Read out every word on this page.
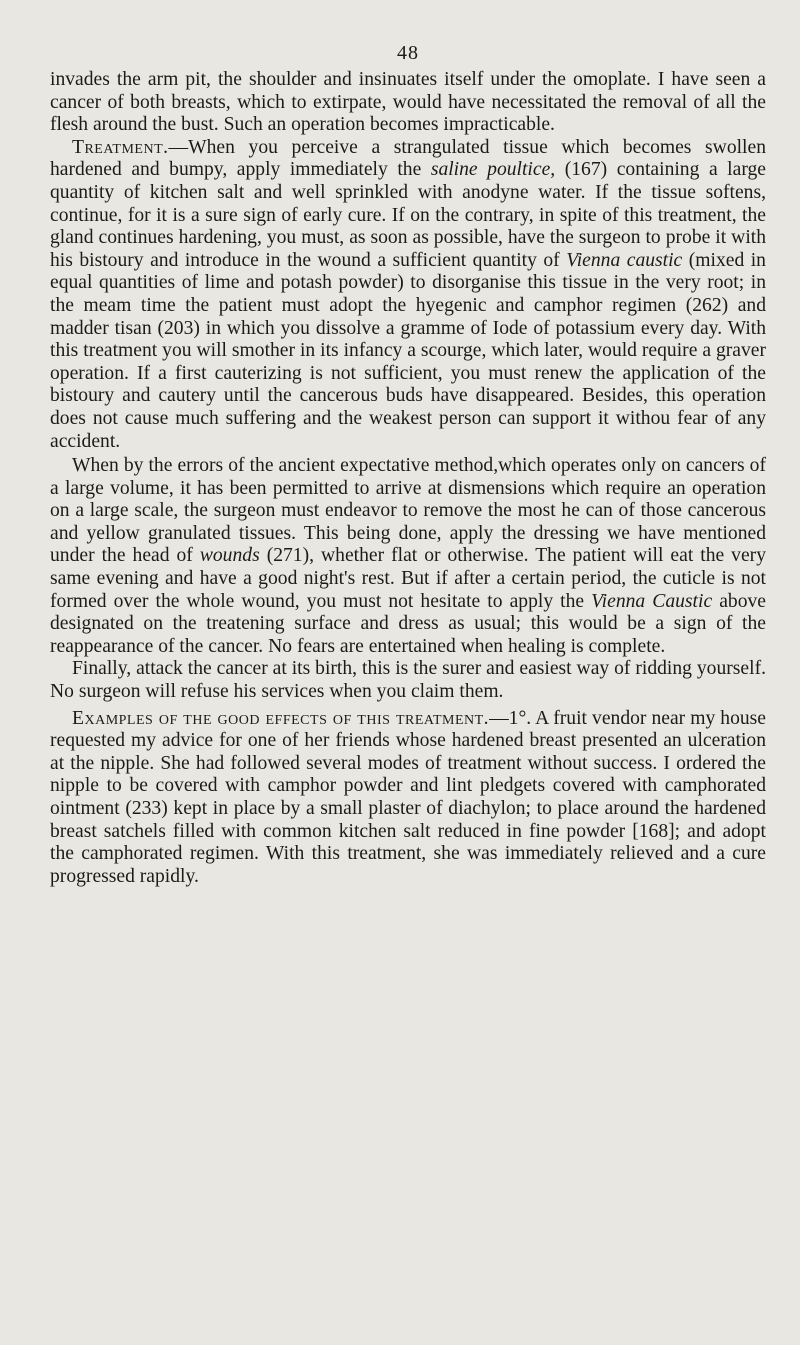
48

invades the arm pit, the shoulder and insinuates itself under the omoplate. I have seen a cancer of both breasts, which to extirpate, would have necessitated the removal of all the flesh around the bust. Such an operation becomes impracticable.

Treatment.—When you perceive a strangulated tissue which becomes swollen hardened and bumpy, apply immediately the saline poultice, (167) containing a large quantity of kitchen salt and well sprinkled with anodyne water. If the tissue softens, continue, for it is a sure sign of early cure. If on the contrary, in spite of this treatment, the gland continues hardening, you must, as soon as possible, have the surgeon to probe it with his bistoury and introduce in the wound a sufficient quantity of Vienna caustic (mixed in equal quantities of lime and potash powder) to disorganise this tissue in the very root; in the meam time the patient must adopt the hyegenic and camphor regimen (262) and madder tisan (203) in which you dissolve a gramme of Iode of potassium every day. With this treatment you will smother in its infancy a scourge, which later, would require a graver operation. If a first cauterizing is not sufficient, you must renew the application of the bistoury and cautery until the cancerous buds have disappeared. Besides, this operation does not cause much suffering and the weakest person can support it withou fear of any accident.

When by the errors of the ancient expectative method,which operates only on cancers of a large volume, it has been permitted to arrive at dismensions which require an operation on a large scale, the surgeon must endeavor to remove the most he can of those cancerous and yellow granulated tissues. This being done, apply the dressing we have mentioned under the head of wounds (271), whether flat or otherwise. The patient will eat the very same evening and have a good night's rest. But if after a certain period, the cuticle is not formed over the whole wound, you must not hesitate to apply the Vienna Caustic above designated on the treatening surface and dress as usual; this would be a sign of the reappearance of the cancer. No fears are entertained when healing is complete.

Finally, attack the cancer at its birth, this is the surer and easiest way of ridding yourself. No surgeon will refuse his services when you claim them.

Examples of the good effects of this treatment.—1°. A fruit vendor near my house requested my advice for one of her friends whose hardened breast presented an ulceration at the nipple. She had followed several modes of treatment without success. I ordered the nipple to be covered with camphor powder and lint pledgets covered with camphorated ointment (233) kept in place by a small plaster of diachylon; to place around the hardened breast satchels filled with common kitchen salt reduced in fine powder [168]; and adopt the camphorated regimen. With this treatment, she was immediately relieved and a cure progressed rapidly.
